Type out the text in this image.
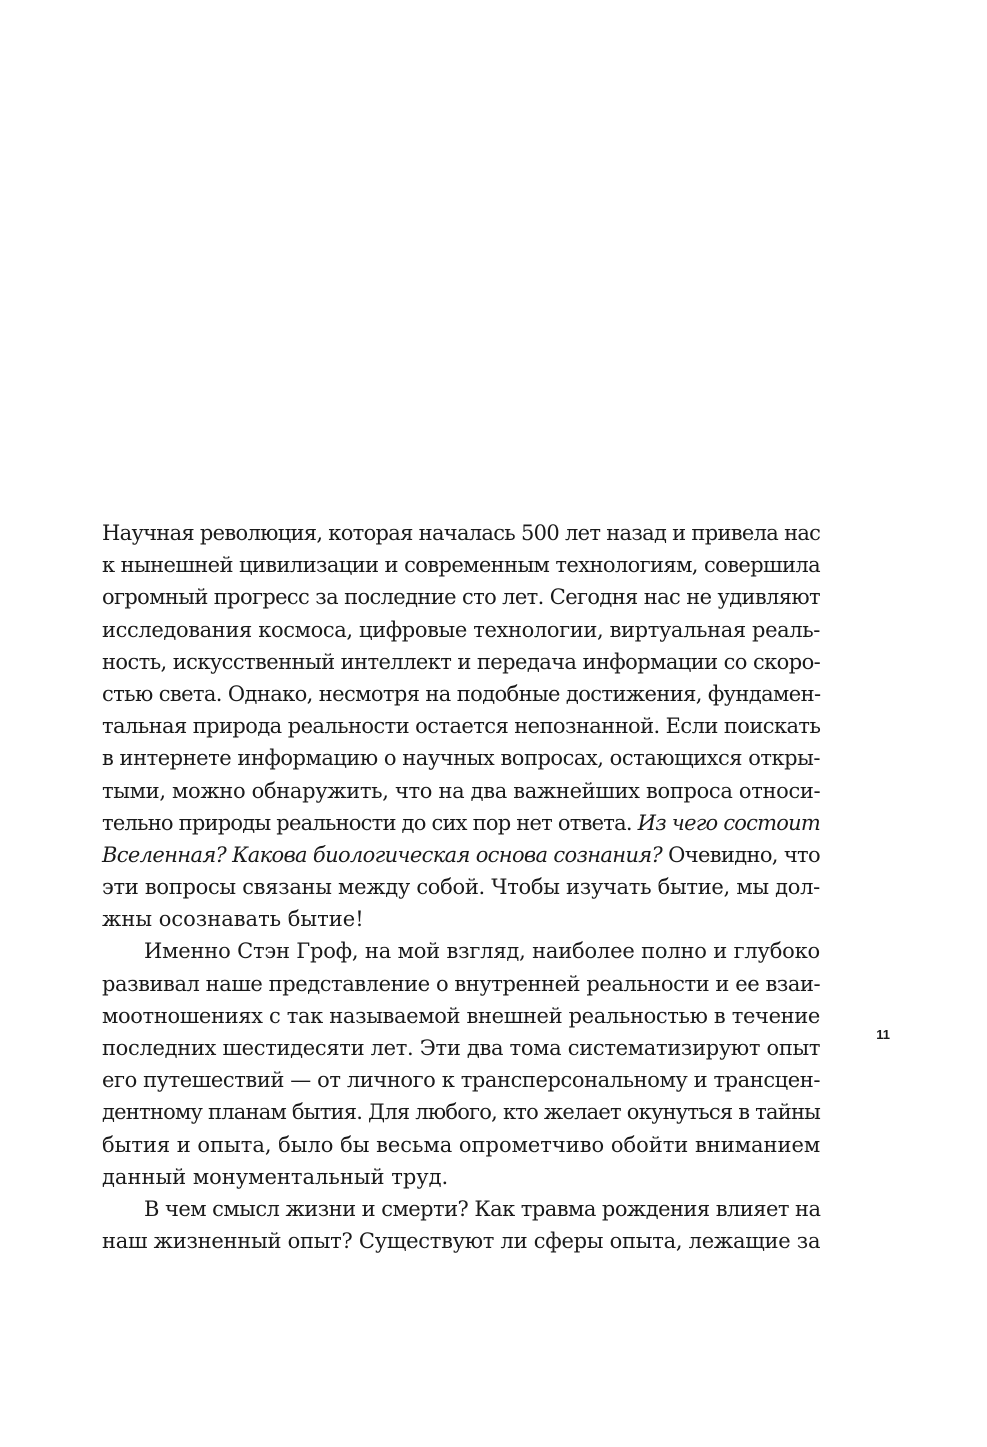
Научная революция, которая началась 500 лет назад и привела нас
к нынешней цивилизации и современным технологиям, совершила
огромный прогресс за последние сто лет. Сегодня нас не удивляют
исследования космоса, цифровые технологии, виртуальная реаль-
ность, искусственный интеллект и передача информации со скоро-
стью света. Однако, несмотря на подобные достижения, фундамен-
тальная природа реальности остается непознанной. Если поискать
в интернете информацию о научных вопросах, остающихся откры-
тыми, можно обнаружить, что на два важнейших вопроса относи-
тельно природы реальности до сих пор нет ответа. Из чего состоит
Вселенная? Какова биологическая основа сознания? Очевидно, что
эти вопросы связаны между собой. Чтобы изучать бытие, мы дол-
жны осознавать бытие!
Именно Стэн Гроф, на мой взгляд, наиболее полно и глубоко
развивал наше представление о внутренней реальности и ее взаи-
моотношениях с так называемой внешней реальностью в течение
последних шестидесяти лет. Эти два тома систематизируют опыт
его путешествий — от личного к трансперсональному и трансцен-
дентному планам бытия. Для любого, кто желает окунуться в тайны
бытия и опыта, было бы весьма опрометчиво обойти вниманием
данный монументальный труд.
В чем смысл жизни и смерти? Как травма рождения влияет на
наш жизненный опыт? Существуют ли сферы опыта, лежащие за
11
